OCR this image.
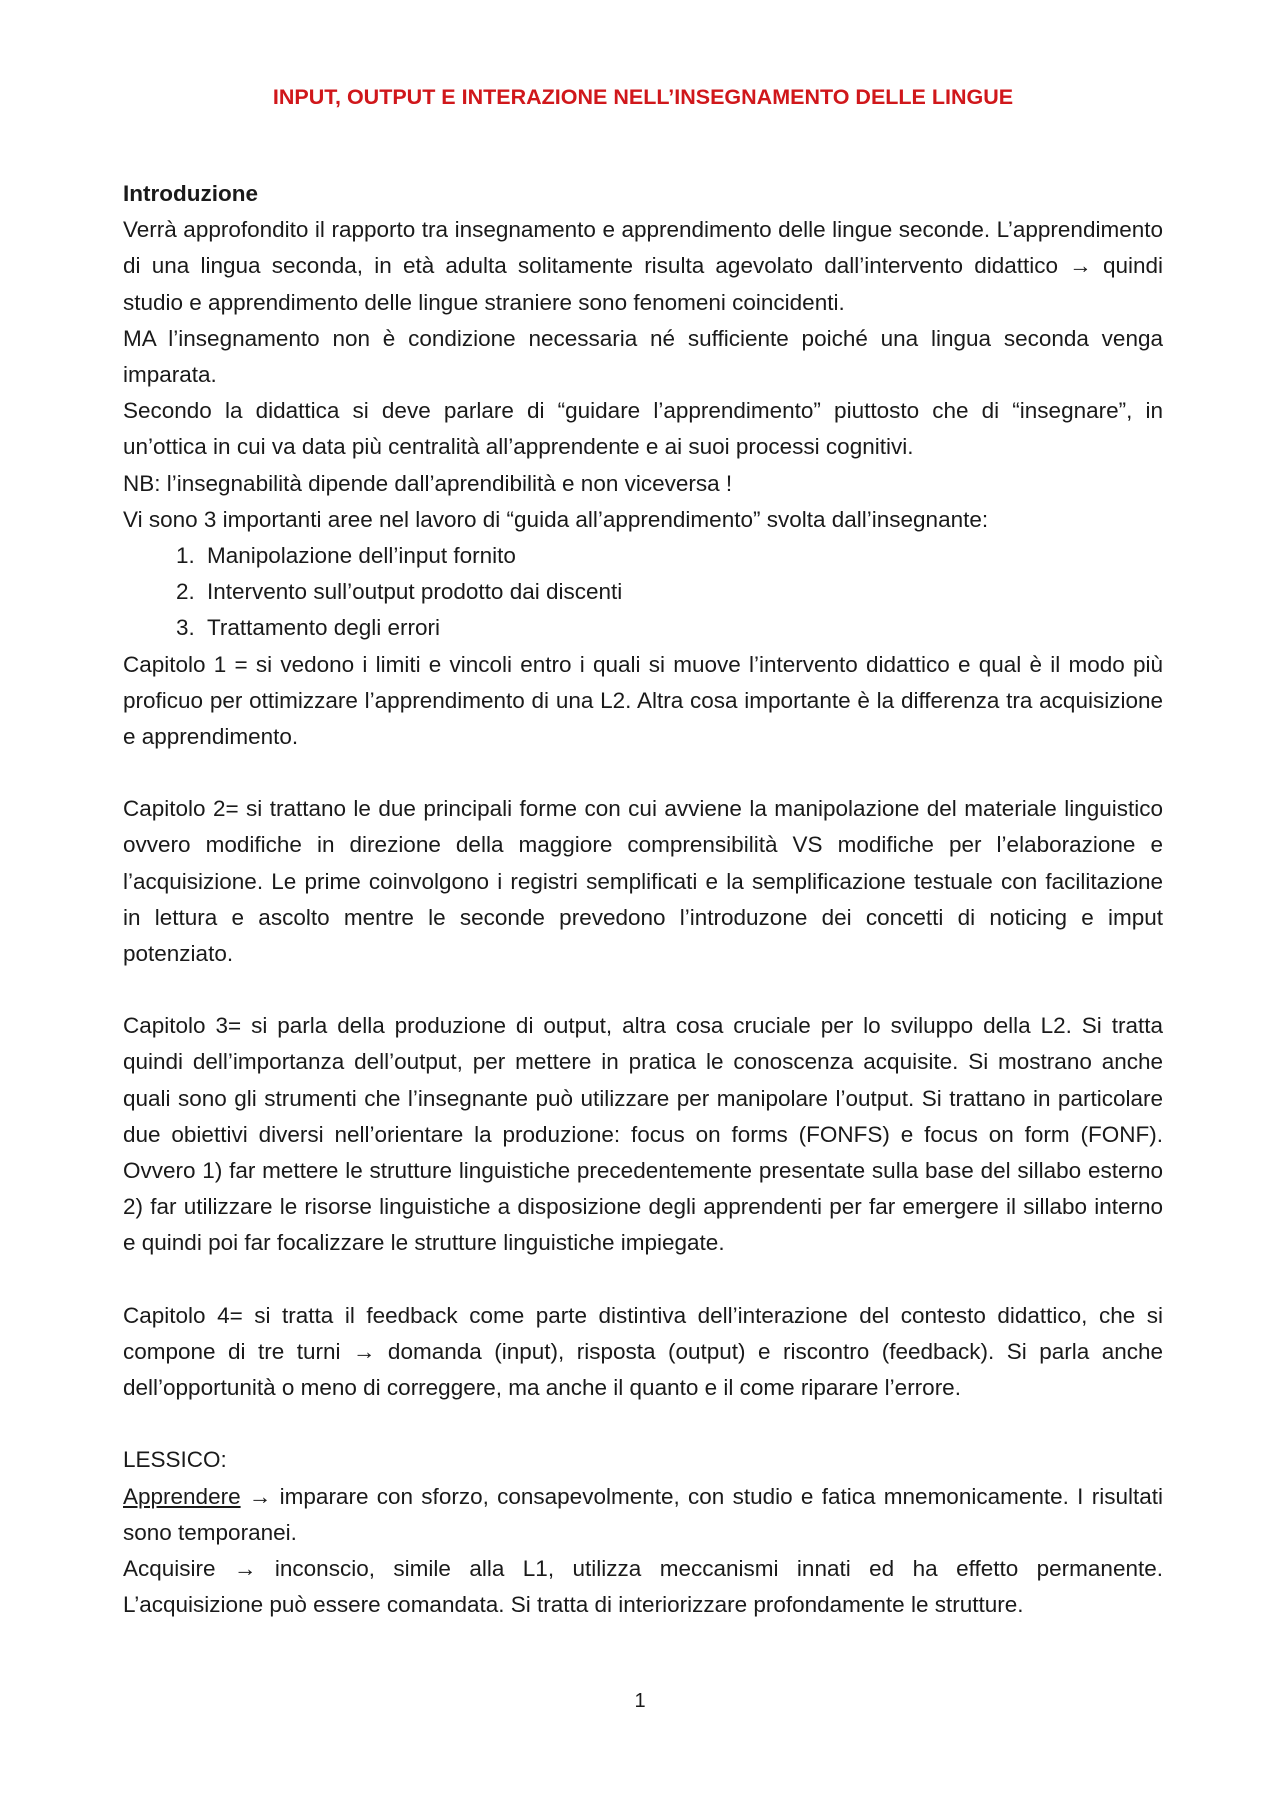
INPUT, OUTPUT E INTERAZIONE NELL’INSEGNAMENTO DELLE LINGUE

Introduzione

Verrà approfondito il rapporto tra insegnamento e apprendimento delle lingue seconde. L’apprendimento di una lingua seconda, in età adulta solitamente risulta agevolato dall’intervento didattico → quindi studio e apprendimento delle lingue straniere sono fenomeni coincidenti.

MA l’insegnamento non è condizione necessaria né sufficiente poiché una lingua seconda venga imparata.

Secondo la didattica si deve parlare di “guidare l’apprendimento” piuttosto che di “insegnare”, in un’ottica in cui va data più centralità all’apprendente e ai suoi processi cognitivi.

NB: l’insegnabilità dipende dall’aprendibilità e non viceversa !

Vi sono 3 importanti aree nel lavoro di “guida all’apprendimento” svolta dall’insegnante:

1. Manipolazione dell’input fornito
2. Intervento sull’output prodotto dai discenti
3. Trattamento degli errori

Capitolo 1 = si vedono i limiti e vincoli entro i quali si muove l’intervento didattico e qual è il modo più proficuo per ottimizzare l’apprendimento di una L2. Altra cosa importante è la differenza tra acquisizione e apprendimento.

Capitolo 2= si trattano le due principali forme con cui avviene la manipolazione del materiale linguistico ovvero modifiche in direzione della maggiore comprensibilità VS modifiche per l’elaborazione e l’acquisizione. Le prime coinvolgono i registri semplificati e la semplificazione testuale con facilitazione in lettura e ascolto mentre le seconde prevedono l’introduzone dei concetti di noticing e imput potenziato.

Capitolo 3= si parla della produzione di output, altra cosa cruciale per lo sviluppo della L2. Si tratta quindi dell’importanza dell’output, per mettere in pratica le conoscenza acquisite. Si mostrano anche quali sono gli strumenti che l’insegnante può utilizzare per manipolare l’output. Si trattano in particolare due obiettivi diversi nell’orientare la produzione: focus on forms (FONFS) e focus on form (FONF). Ovvero 1) far mettere le strutture linguistiche precedentemente presentate sulla base del sillabo esterno 2) far utilizzare le risorse linguistiche a disposizione degli apprendenti per far emergere il sillabo interno e quindi poi far focalizzare le strutture linguistiche impiegate.

Capitolo 4= si tratta il feedback come parte distintiva dell’interazione del contesto didattico, che si compone di tre turni → domanda (input), risposta (output) e riscontro (feedback). Si parla anche dell’opportunità o meno di correggere, ma anche il quanto e il come riparare l’errore.

LESSICO:

Apprendere → imparare con sforzo, consapevolmente, con studio e fatica mnemonicamente. I risultati sono temporanei.

Acquisire → inconscio, simile alla L1, utilizza meccanismi innati ed ha effetto permanente. L’acquisizione può essere comandata. Si tratta di interiorizzare profondamente le strutture.

1
